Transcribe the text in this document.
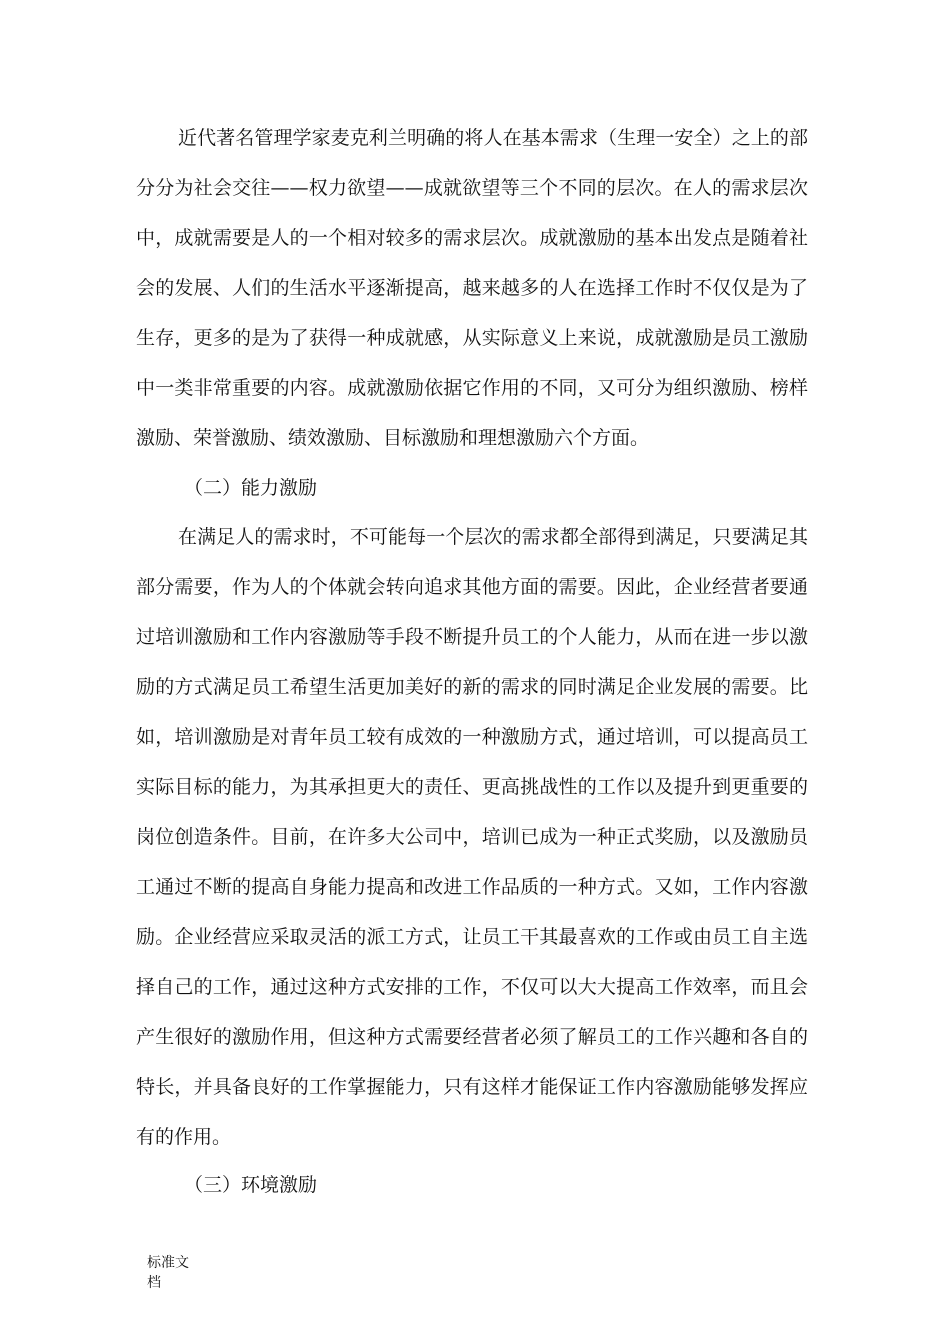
近代著名管理学家麦克利兰明确的将人在基本需求（生理一安全）之上的部
分分为社会交往——权力欲望——成就欲望等三个不同的层次。在人的需求层次
中，成就需要是人的一个相对较多的需求层次。成就激励的基本出发点是随着社
会的发展、人们的生活水平逐渐提高，越来越多的人在选择工作时不仅仅是为了
生存，更多的是为了获得一种成就感，从实际意义上来说，成就激励是员工激励
中一类非常重要的内容。成就激励依据它作用的不同，又可分为组织激励、榜样
激励、荣誉激励、绩效激励、目标激励和理想激励六个方面。
（二）能力激励
在满足人的需求时，不可能每一个层次的需求都全部得到满足，只要满足其
部分需要，作为人的个体就会转向追求其他方面的需要。因此，企业经营者要通
过培训激励和工作内容激励等手段不断提升员工的个人能力，从而在进一步以激
励的方式满足员工希望生活更加美好的新的需求的同时满足企业发展的需要。比
如，培训激励是对青年员工较有成效的一种激励方式，通过培训，可以提高员工
实际目标的能力，为其承担更大的责任、更高挑战性的工作以及提升到更重要的
岗位创造条件。目前，在许多大公司中，培训已成为一种正式奖励，以及激励员
工通过不断的提高自身能力提高和改进工作品质的一种方式。又如，工作内容激
励。企业经营应采取灵活的派工方式，让员工干其最喜欢的工作或由员工自主选
择自己的工作，通过这种方式安排的工作，不仅可以大大提高工作效率，而且会
产生很好的激励作用，但这种方式需要经营者必须了解员工的工作兴趣和各自的
特长，并具备良好的工作掌握能力，只有这样才能保证工作内容激励能够发挥应
有的作用。
（三）环境激励
标准文
档
